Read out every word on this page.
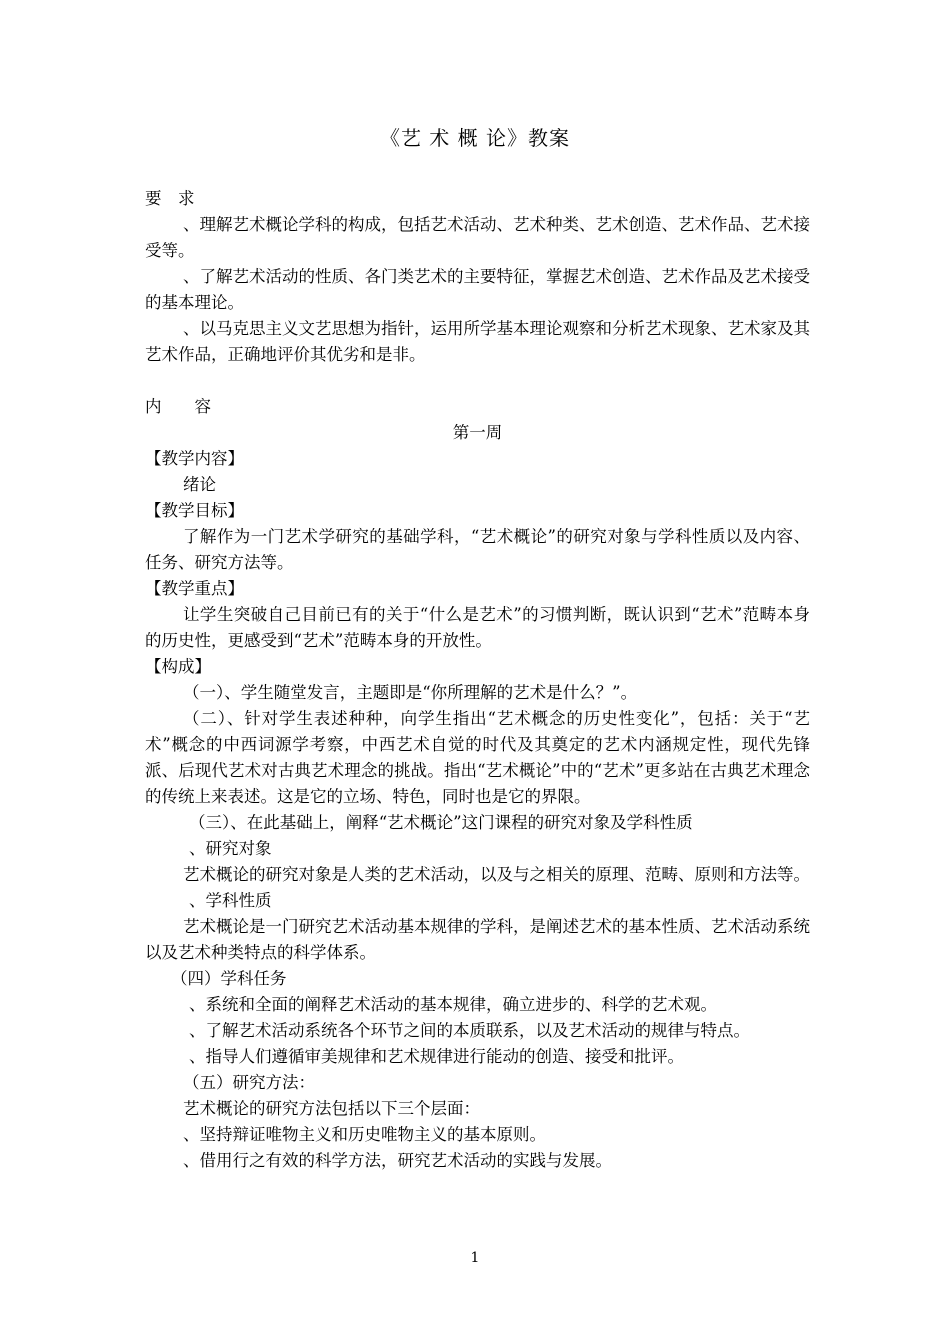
《艺 术 概 论》教案

要　求

、理解艺术概论学科的构成，包括艺术活动、艺术种类、艺术创造、艺术作品、艺术接受等。

、了解艺术活动的性质、各门类艺术的主要特征，掌握艺术创造、艺术作品及艺术接受的基本理论。

、以马克思主义文艺思想为指针，运用所学基本理论观察和分析艺术现象、艺术家及其艺术作品，正确地评价其优劣和是非。

内　　容

第一周

【教学内容】

绪论

【教学目标】

了解作为一门艺术学研究的基础学科，“艺术概论”的研究对象与学科性质以及内容、任务、研究方法等。

【教学重点】

让学生突破自己目前已有的关于“什么是艺术”的习惯判断，既认识到“艺术”范畴本身的历史性，更感受到“艺术”范畴本身的开放性。

【构成】

（一）、学生随堂发言，主题即是“你所理解的艺术是什么？”。

（二）、针对学生表述种种，向学生指出“艺术概念的历史性变化”，包括：关于“艺术”概念的中西词源学考察，中西艺术自觉的时代及其奠定的艺术内涵规定性，现代先锋派、后现代艺术对古典艺术理念的挑战。指出“艺术概论”中的“艺术”更多站在古典艺术理念的传统上来表述。这是它的立场、特色，同时也是它的界限。

（三）、在此基础上，阐释“艺术概论”这门课程的研究对象及学科性质

、研究对象

艺术概论的研究对象是人类的艺术活动，以及与之相关的原理、范畴、原则和方法等。

、学科性质

艺术概论是一门研究艺术活动基本规律的学科，是阐述艺术的基本性质、艺术活动系统以及艺术种类特点的科学体系。

（四）学科任务

、系统和全面的阐释艺术活动的基本规律，确立进步的、科学的艺术观。

、了解艺术活动系统各个环节之间的本质联系，以及艺术活动的规律与特点。

、指导人们遵循审美规律和艺术规律进行能动的创造、接受和批评。

（五）研究方法：

艺术概论的研究方法包括以下三个层面：

、坚持辩证唯物主义和历史唯物主义的基本原则。

、借用行之有效的科学方法，研究艺术活动的实践与发展。

1
